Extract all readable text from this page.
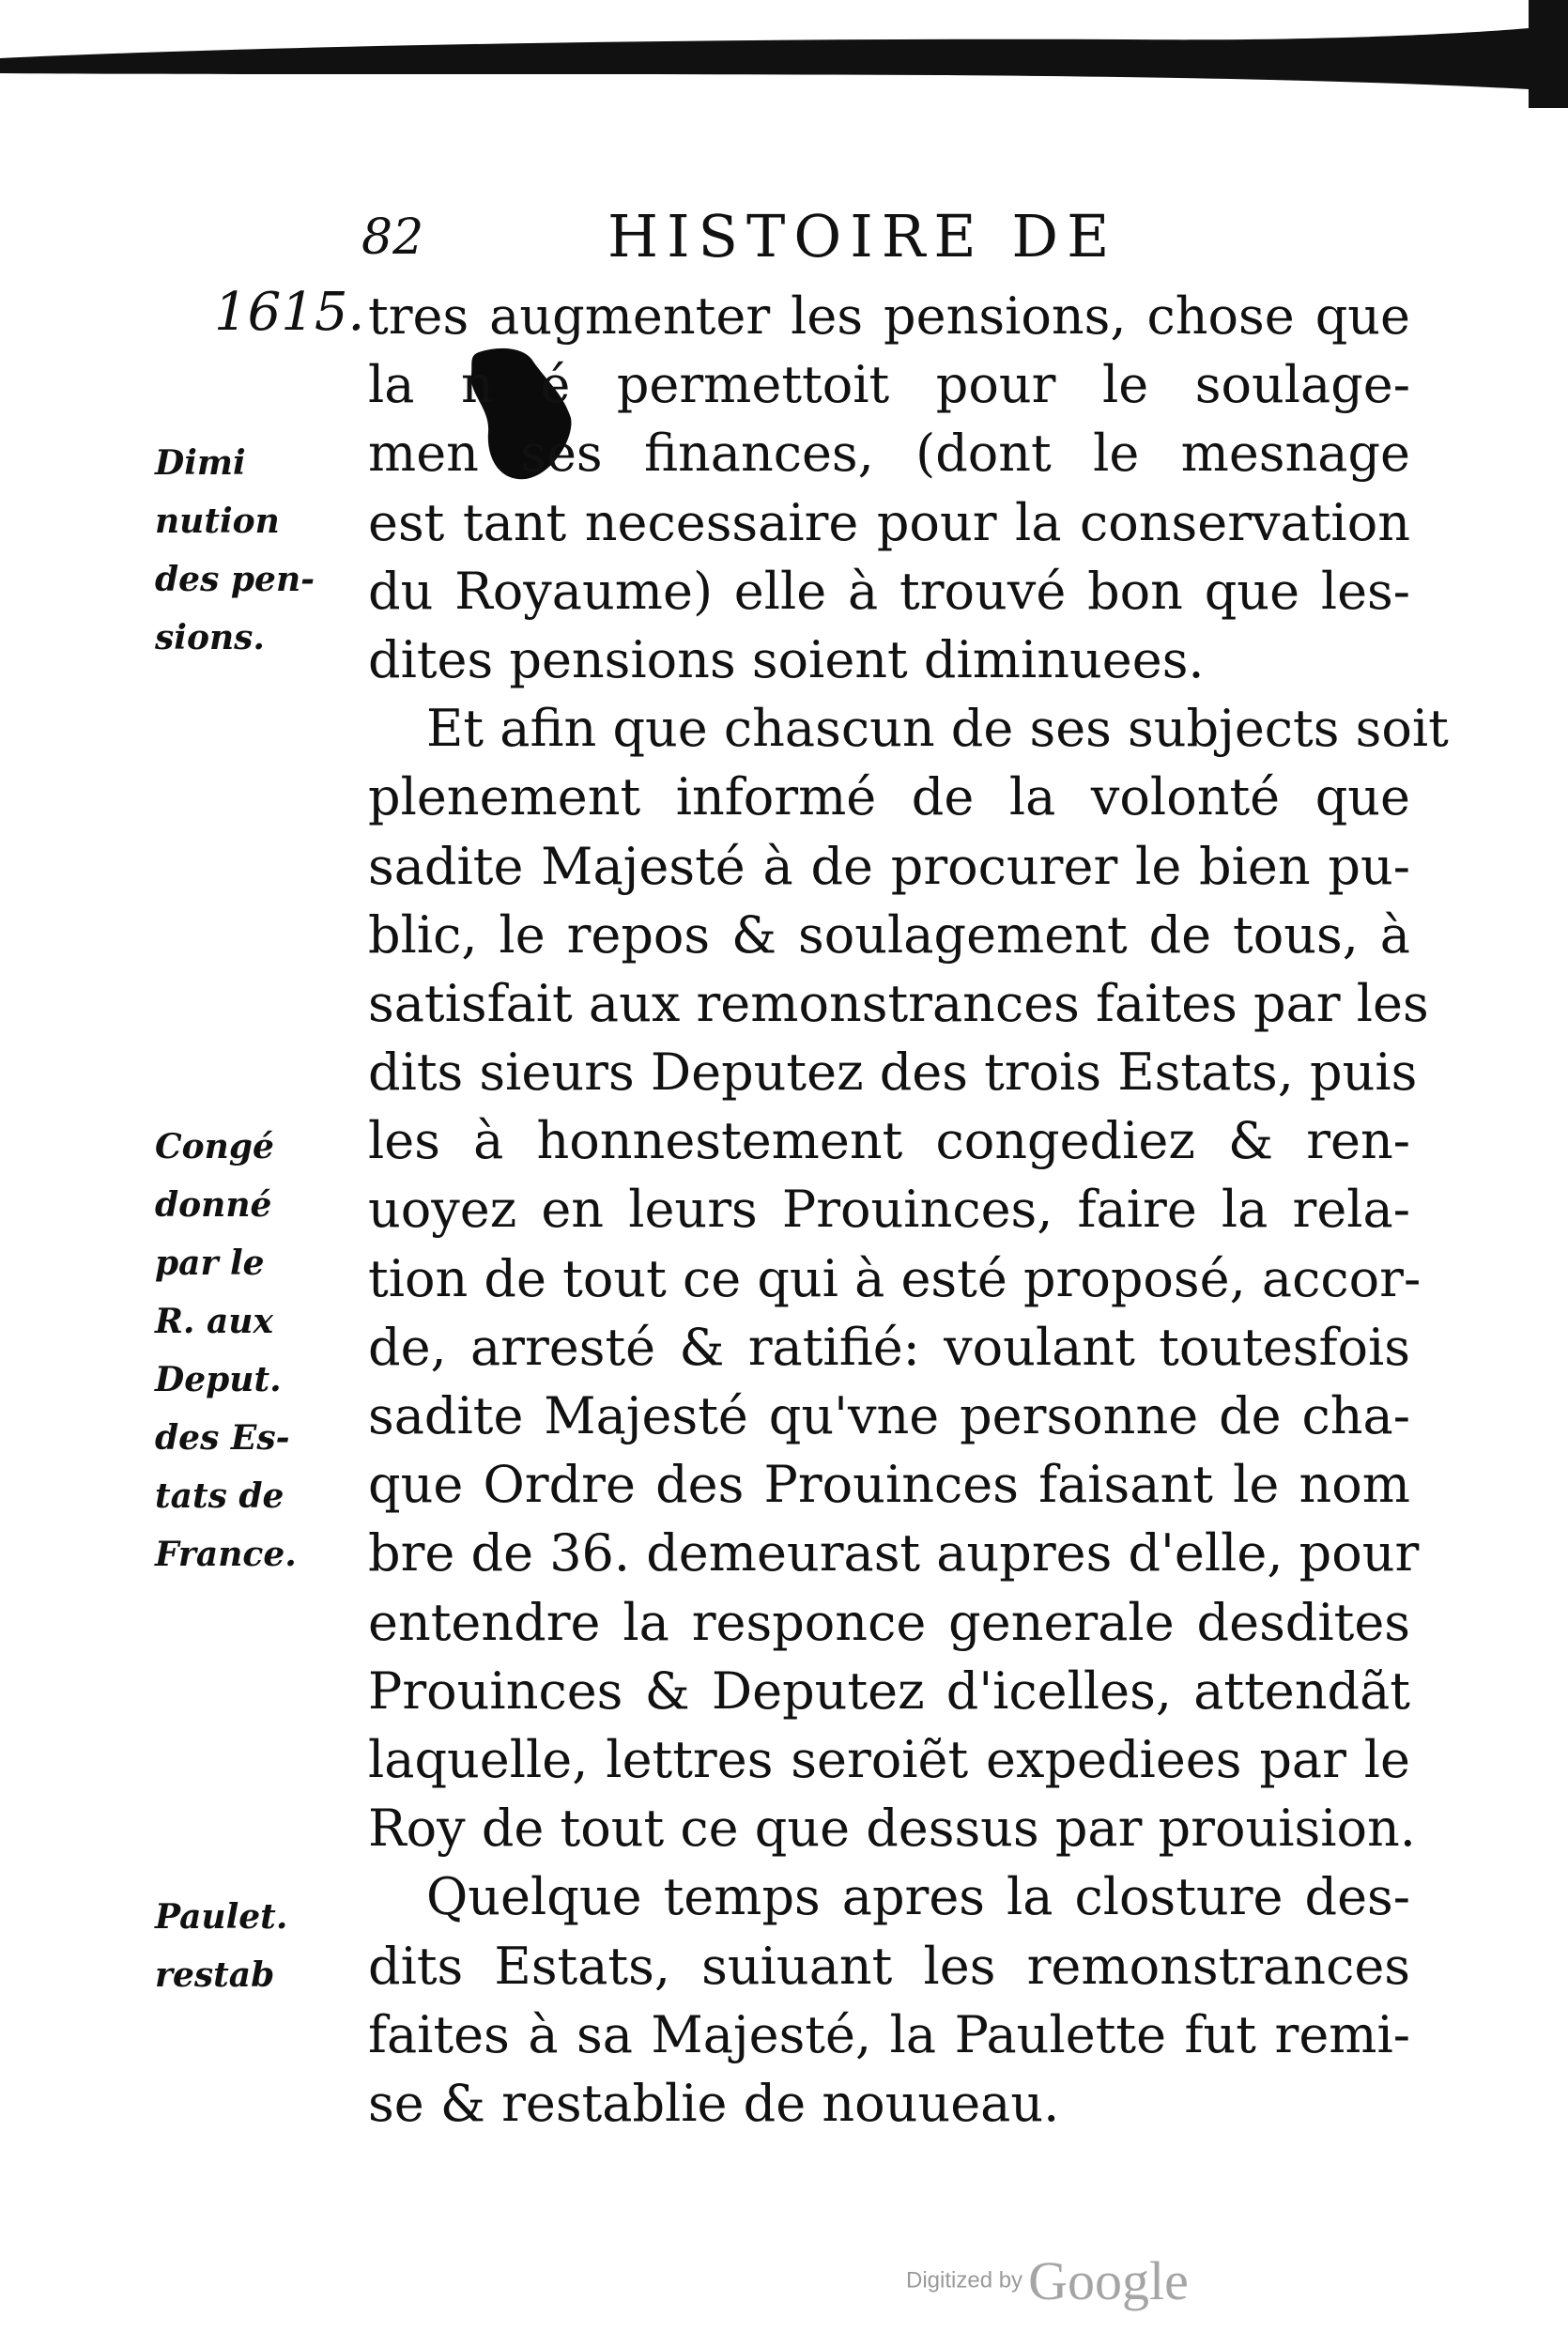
82	HISTOIRE DE
1615. tres augmenter les pensions, chose que
la n é permettoit pour le soulage-
men ses finances, (dont le mesnage
est tant necessaire pour la conservation
du Royaume) elle à trouvé bon que les-
dites pensions soient diminuees.
Et afin que chascun de ses subjects soit
plenement informé de la volonté que
sadite Majesté à de procurer le bien pu-
blic, le repos & soulagement de tous, à
satisfait aux remonstrances faites par les
dits sieurs Deputez des trois Estats, puis
les à honnestement congediez & ren-
uoyez en leurs Prouinces, faire la rela-
tion de tout ce qui à esté proposé, accor-
de, arresté & ratifié: voulant toutesfois
sadite Majesté qu'vne personne de cha-
que Ordre des Prouinces faisant le nom
bre de 36. demeurast aupres d'elle, pour
entendre la responce generale desdites
Prouinces & Deputez d'icelles, attendãt
laquelle, lettres seroiẽt expediees par le
Roy de tout ce que dessus par prouision.
Quelque temps apres la closture des-
dits Estats, suiuant les remonstrances
faites à sa Majesté, la Paulette fut remi-
se & restablie de nouueau.
Dimi
nution
des pen-
sions.
Congé
donné
par le
R. aux
Deput.
des Es-
tats de
France.
Paulet.
restab
Digitized by Google
